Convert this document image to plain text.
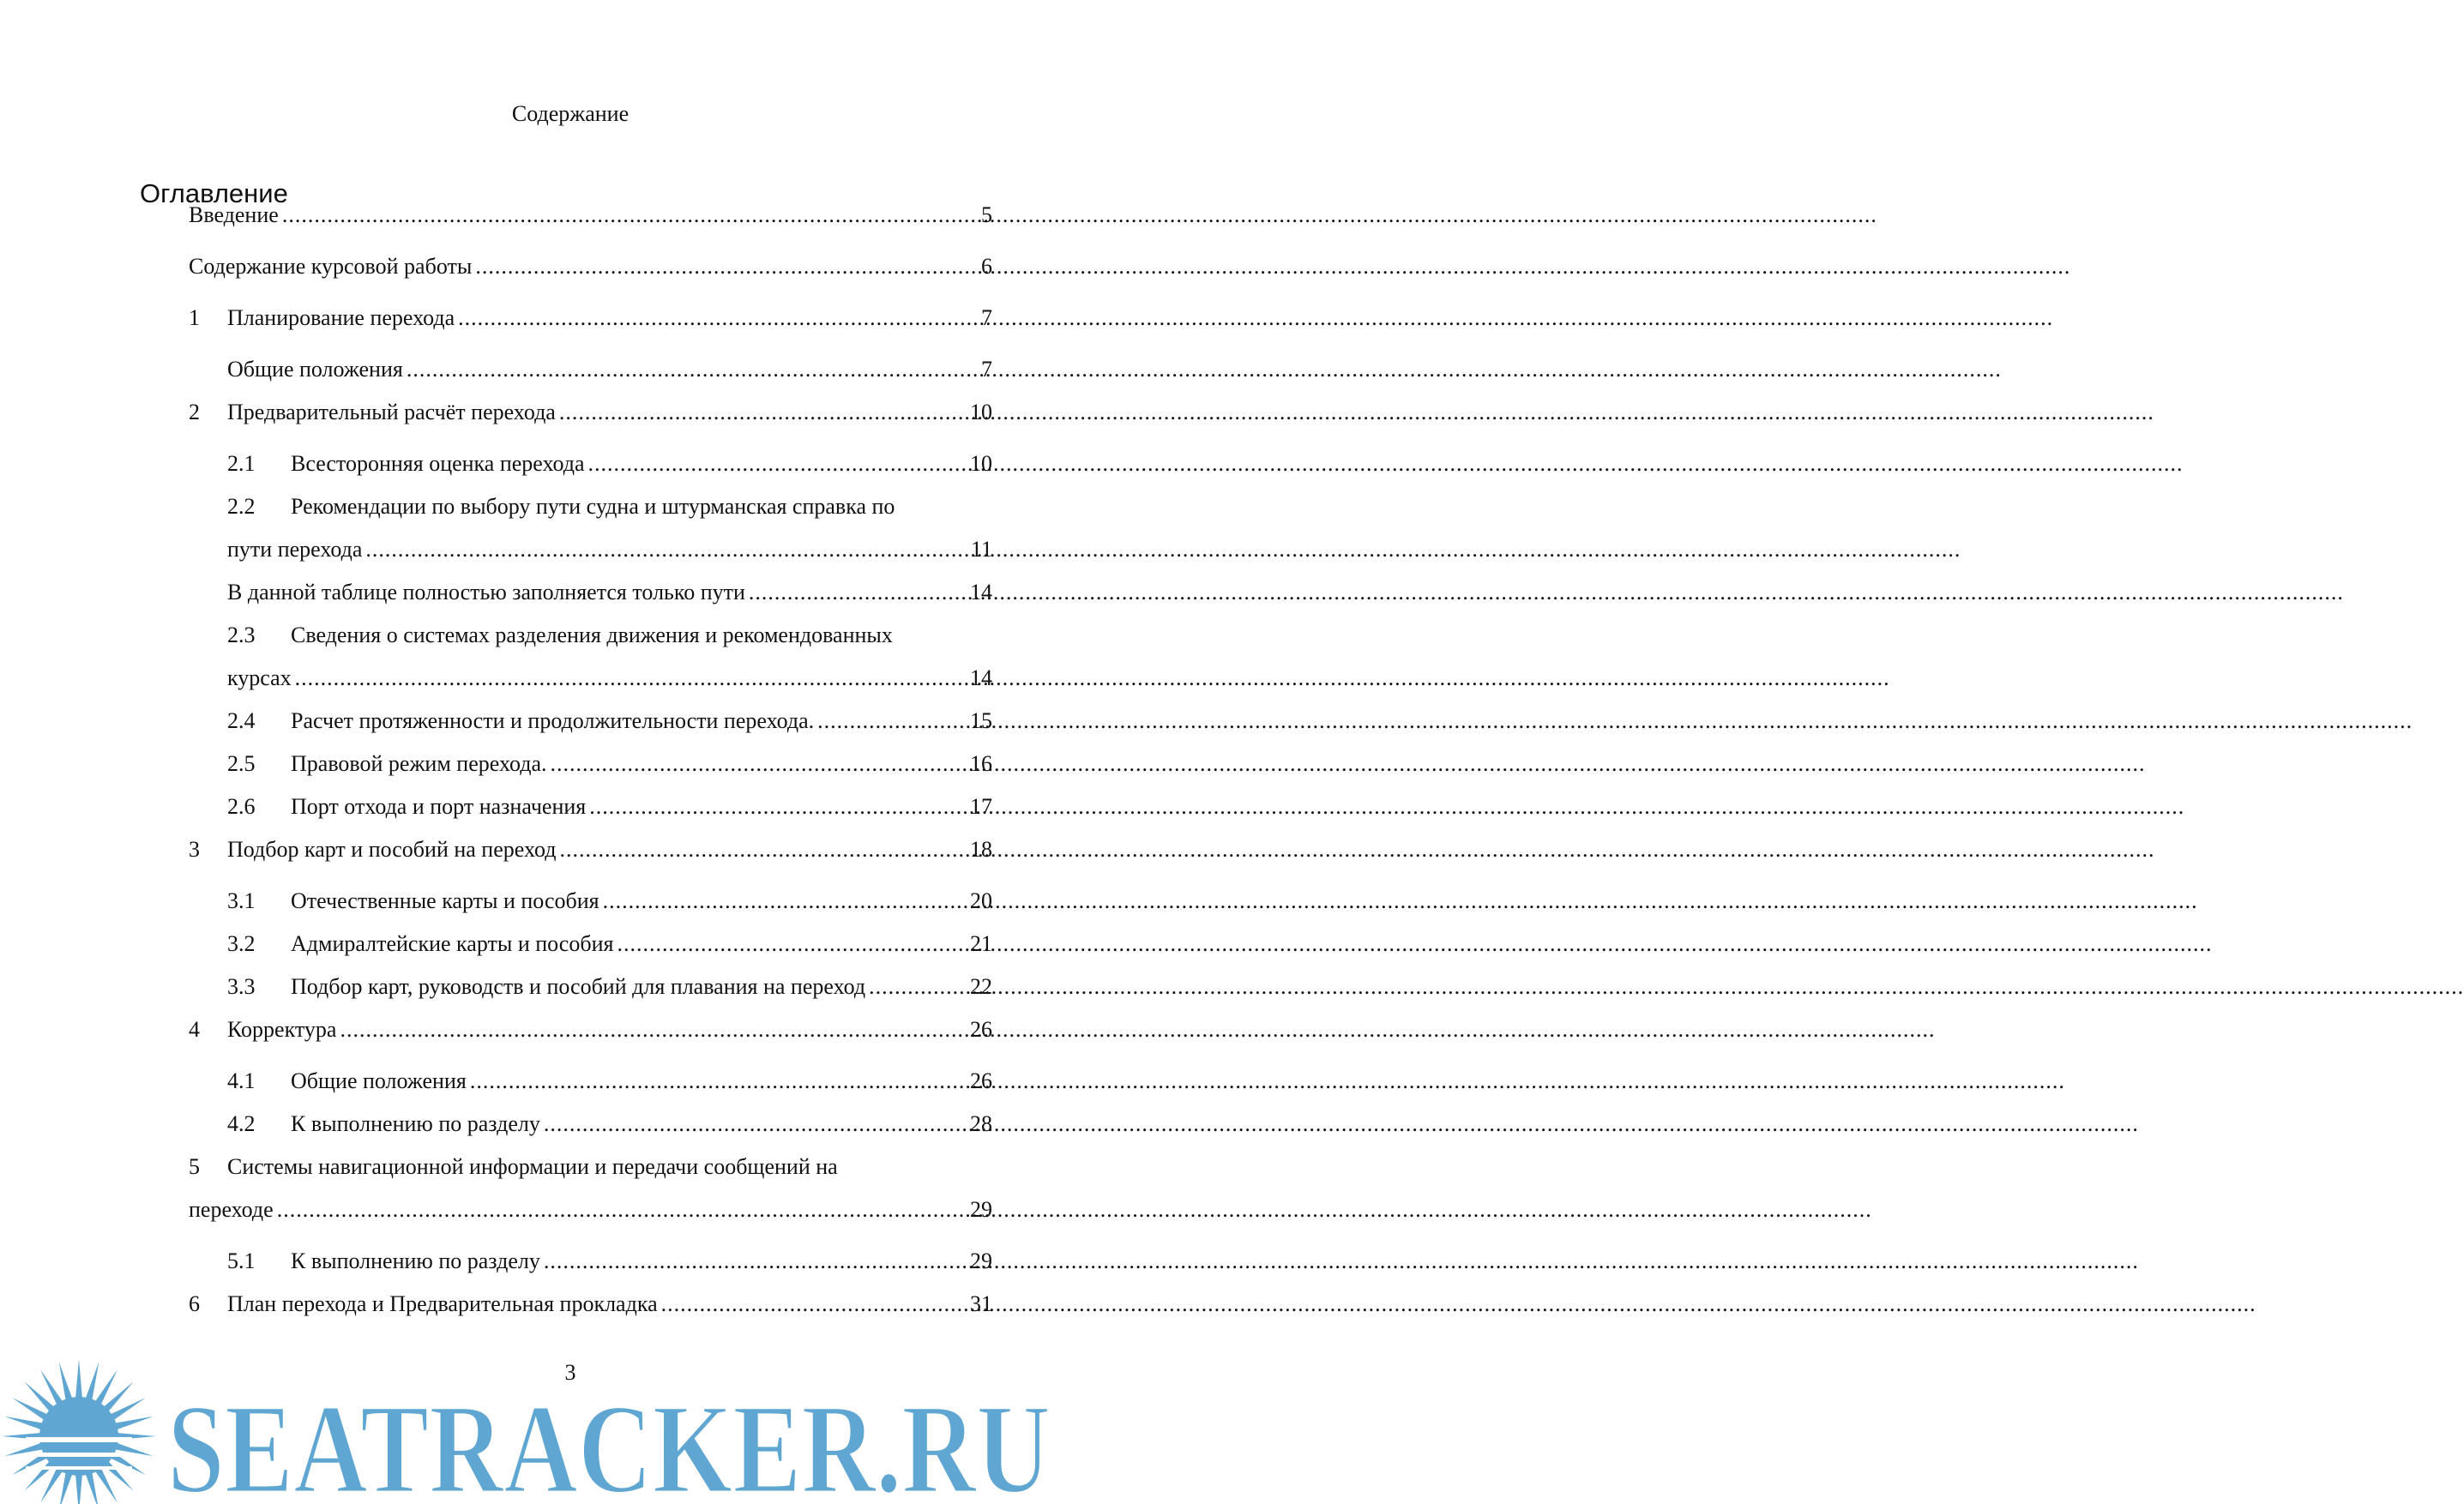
Содержание
Оглавление
Введение .....	5
Содержание курсовой работы .....	6
1	Планирование перехода .....	7
Общие положения .....	7
2	Предварительный расчёт перехода .....	10
2.1	Всесторонняя оценка перехода .....	10
2.2	Рекомендации по выбору пути судна и штурманская справка по
пути перехода .....	11
В данной таблице полностью заполняется только пути .....	14
2.3	Сведения о системах разделения движения и рекомендованных
курсах .....	14
2.4	Расчет протяженности и продолжительности перехода. .....	15
2.5	Правовой режим перехода. .....	16
2.6	Порт отхода и порт назначения .....	17
3	Подбор карт и пособий на переход .....	18
3.1	Отечественные карты и пособия .....	20
3.2	Адмиралтейские карты и пособия .....	21
3.3	Подбор карт, руководств и пособий для плавания на переход .....	22
4	Корректура .....	26
4.1	Общие положения .....	26
4.2	К выполнению по разделу .....	28
5	Системы навигационной информации и передачи сообщений на
переходе .....	29
5.1	К выполнению по разделу .....	29
6	План перехода и Предварительная прокладка .....	31
3
SEATRACKER.RU
